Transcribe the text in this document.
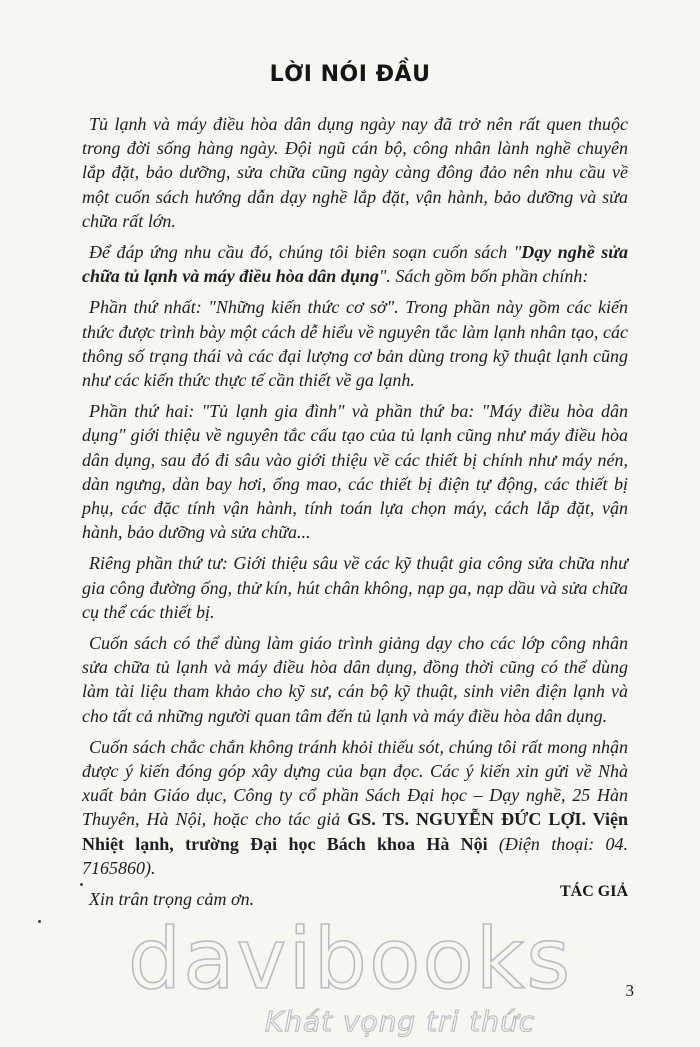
LỜI NÓI ĐẦU

Tủ lạnh và máy điều hòa dân dụng ngày nay đã trở nên rất quen thuộc trong đời sống hàng ngày. Đội ngũ cán bộ, công nhân lành nghề chuyên lắp đặt, bảo dưỡng, sửa chữa cũng ngày càng đông đảo nên nhu cầu về một cuốn sách hướng dẫn dạy nghề lắp đặt, vận hành, bảo dưỡng và sửa chữa rất lớn.

Để đáp ứng nhu cầu đó, chúng tôi biên soạn cuốn sách "Dạy nghề sửa chữa tủ lạnh và máy điều hòa dân dụng". Sách gồm bốn phần chính:

Phần thứ nhất: "Những kiến thức cơ sở". Trong phần này gồm các kiến thức được trình bày một cách dễ hiểu về nguyên tắc làm lạnh nhân tạo, các thông số trạng thái và các đại lượng cơ bản dùng trong kỹ thuật lạnh cũng như các kiến thức thực tế cần thiết về ga lạnh.

Phần thứ hai: "Tủ lạnh gia đình" và phần thứ ba: "Máy điều hòa dân dụng" giới thiệu về nguyên tắc cấu tạo của tủ lạnh cũng như máy điều hòa dân dụng, sau đó đi sâu vào giới thiệu về các thiết bị chính như máy nén, dàn ngưng, dàn bay hơi, ống mao, các thiết bị điện tự động, các thiết bị phụ, các đặc tính vận hành, tính toán lựa chọn máy, cách lắp đặt, vận hành, bảo dưỡng và sửa chữa...

Riêng phần thứ tư: Giới thiệu sâu về các kỹ thuật gia công sửa chữa như gia công đường ống, thử kín, hút chân không, nạp ga, nạp dầu và sửa chữa cụ thể các thiết bị.

Cuốn sách có thể dùng làm giáo trình giảng dạy cho các lớp công nhân sửa chữa tủ lạnh và máy điều hòa dân dụng, đồng thời cũng có thể dùng làm tài liệu tham khảo cho kỹ sư, cán bộ kỹ thuật, sinh viên điện lạnh và cho tất cả những người quan tâm đến tủ lạnh và máy điều hòa dân dụng.

Cuốn sách chắc chắn không tránh khỏi thiếu sót, chúng tôi rất mong nhận được ý kiến đóng góp xây dựng của bạn đọc. Các ý kiến xin gửi về Nhà xuất bản Giáo dục, Công ty cổ phần Sách Đại học – Dạy nghề, 25 Hàn Thuyên, Hà Nội, hoặc cho tác giả GS. TS. NGUYỄN ĐỨC LỢI. Viện Nhiệt lạnh, trường Đại học Bách khoa Hà Nội (Điện thoại: 04. 7165860).

Xin trân trọng cảm ơn.	TÁC GIẢ
davibooks
Khát vọng tri thức
3
